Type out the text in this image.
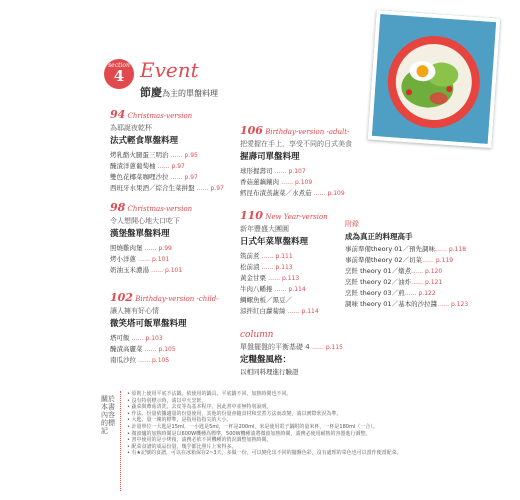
section
4 Event
節慶為主的單盤料理
94 Christmas-version
為耶誕夜乾杯
法式輕食單盤料理
烤乳酪火腿蛋三明治 …… p.95
醃漬洋蔥葡萄柚 …… p.97
雙色花椰菜咖哩沙拉 …… p.97
西班牙水果酒／綜合生菜拼盤 …… p.97
98 Christmas-version
令人想開心地大口吃下
漢堡盤單盤料理
照燒雞肉堡 …… p.99
烤小洋蔥 …… p.101
奶油玉米濃湯 …… p.101
102 Birthday-version -child-
讓人擁有好心情
微笑塔可飯單盤料理
塔可飯 …… p.103
醃漬高麗菜 …… p.105
南瓜沙拉 …… p.105
106 Birthday-version -adult-
把愛握在手上，享受不同的日式美食
握壽司單盤料理
球形握壽司 …… p.107
香菇蓮藕鑲肉 …… p.109
鱈昆布漬蒸蔬菜／水煮茄 …… p.109
110 New Year-version
新年豐盛大團圓
日式年菜單盤料理
筑前煮 …… p.111
松前漬 …… p.113
黃金甘栗 …… p.113
牛肉八幡捲 …… p.114
鯛螺魚板／黑豆／
涼拌紅白蘿蔔絲 …… p.114
column
單盤擺盤的平衡基礎 4 …… p.115
定糧盤風格：
以相同料理進行驗證
附錄
成為真正的料理高手
事前準備theory 01／預先調味…… p.118
事前準備theory 02／切菜…… p.119
烹飪 theory 01／燉煮…… p.120
烹飪 theory 02／油炸…… p.121
烹飪 theory 03／煎…… p.122
調味 theory 01／基本的沙拉醬…… p.123
關於本書內容的標記
• 原則上使用平底不沾鍋，依使用的鍋具、平底鍋不同，加熱時間也不同。
• 沒有特別標示時，請以中火烹飪。
• 蔬菜與蕈菇清洗，去皮等為基本程序，因此書中並無特別說明。
• 作法、份量依據適量的份量使用，其他的份量會隨食材和烹煮方法而改變，請以實際狀況為準。
• 大匙、量一塊的標準，是指用指指尖的大小。
• 計量單位一大匙是15ml，一小匙是5ml，一杯是200ml，米是使用電子鍋附的量米杯，一杯是180ml（一合）。
• 微波爐的加熱時間是以600W機種為標準，500W機種請將微波加熱時間，請務必使用耐熱的容器進行調整。
• 書中使用的是小烤箱，請務必依不同機種的情況調整加熱時間。
• 配菜食譜的成品份量，幾乎都比照片上來得多。
• 有★記號的食譜，可以在冰箱保存2~3天，多做一份，可以變化出不同的擺盤色彩，沒有處理的菜色也可以當作便當配菜。
